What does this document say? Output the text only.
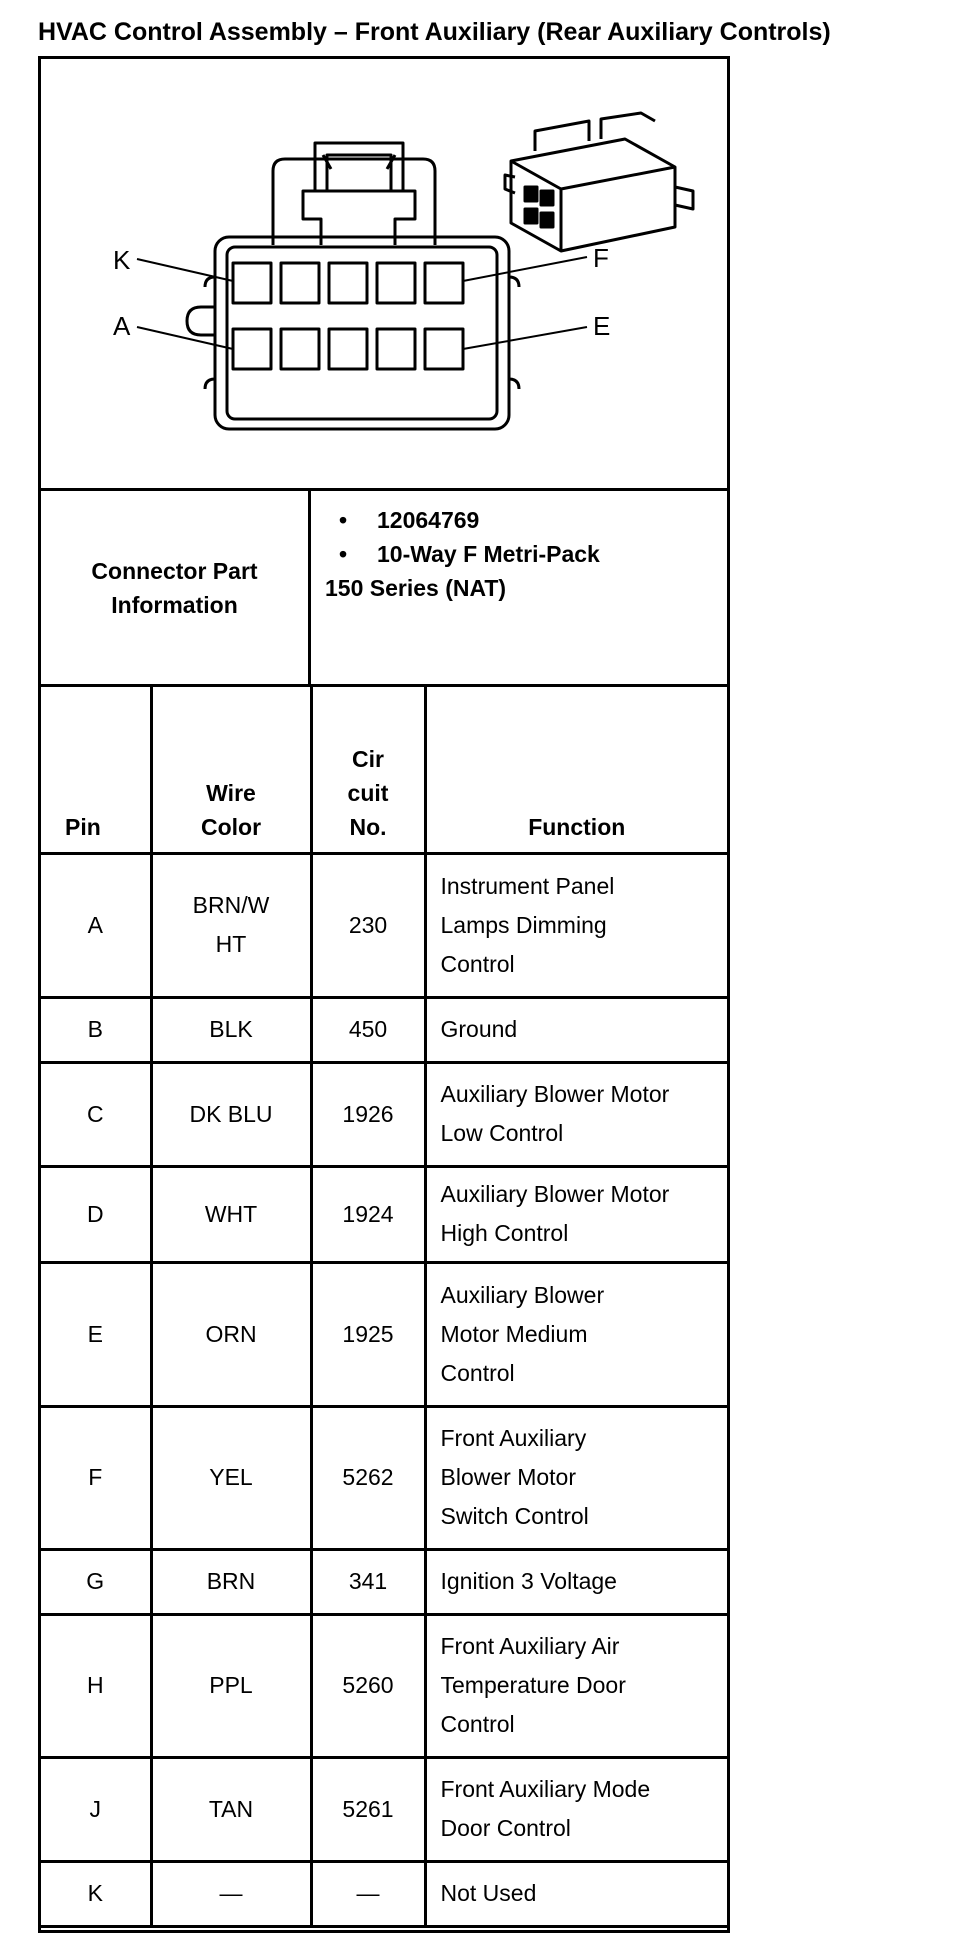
HVAC Control Assembly – Front Auxiliary (Rear Auxiliary Controls)
K
A
F
E
Connector Part Information
• 12064769
• 10-Way F Metri-Pack
150 Series (NAT)
Pin	Wire Color	Cir cuit No.	Function
A	BRN/W HT	230	Instrument Panel Lamps Dimming Control
B	BLK	450	Ground
C	DK BLU	1926	Auxiliary Blower Motor Low Control
D	WHT	1924	Auxiliary Blower Motor High Control
E	ORN	1925	Auxiliary Blower Motor Medium Control
F	YEL	5262	Front Auxiliary Blower Motor Switch Control
G	BRN	341	Ignition 3 Voltage
H	PPL	5260	Front Auxiliary Air Temperature Door Control
J	TAN	5261	Front Auxiliary Mode Door Control
K	—	—	Not Used
